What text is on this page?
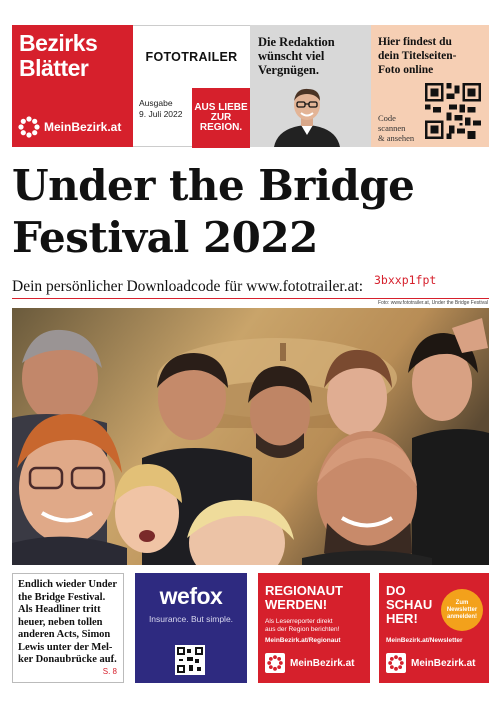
Bezirks
Blätter
MeinBezirk.at
FOTOTRAILER
Ausgabe
9. Juli 2022
AUS LIEBE
ZUR
REGION.
Die Redaktion
wünscht viel
Vergnügen.
Hier findest du
dein Titelseiten-
Foto online
Code
scannen
& ansehen
Under the Bridge
Festival 2022
Dein persönlicher Downloadcode für www.fototrailer.at: 3bxxp1fpt
Foto: www.fototrailer.at, Under the Bridge Festival
Endlich wieder Under
the Bridge Festival.
Als Headliner tritt
heuer, neben tollen
anderen Acts, Simon
Lewis unter der Mel-
ker Donaubrücke auf.
S. 8
wefox
Insurance. But simple.
REGIONAUT
WERDEN!
Als Leserreporter direkt
aus der Region berichten!
MeinBezirk.at/Regionaut
MeinBezirk.at
DO
SCHAU
HER!
Zum
Newsletter
anmelden!
MeinBezirk.at/Newsletter
MeinBezirk.at
